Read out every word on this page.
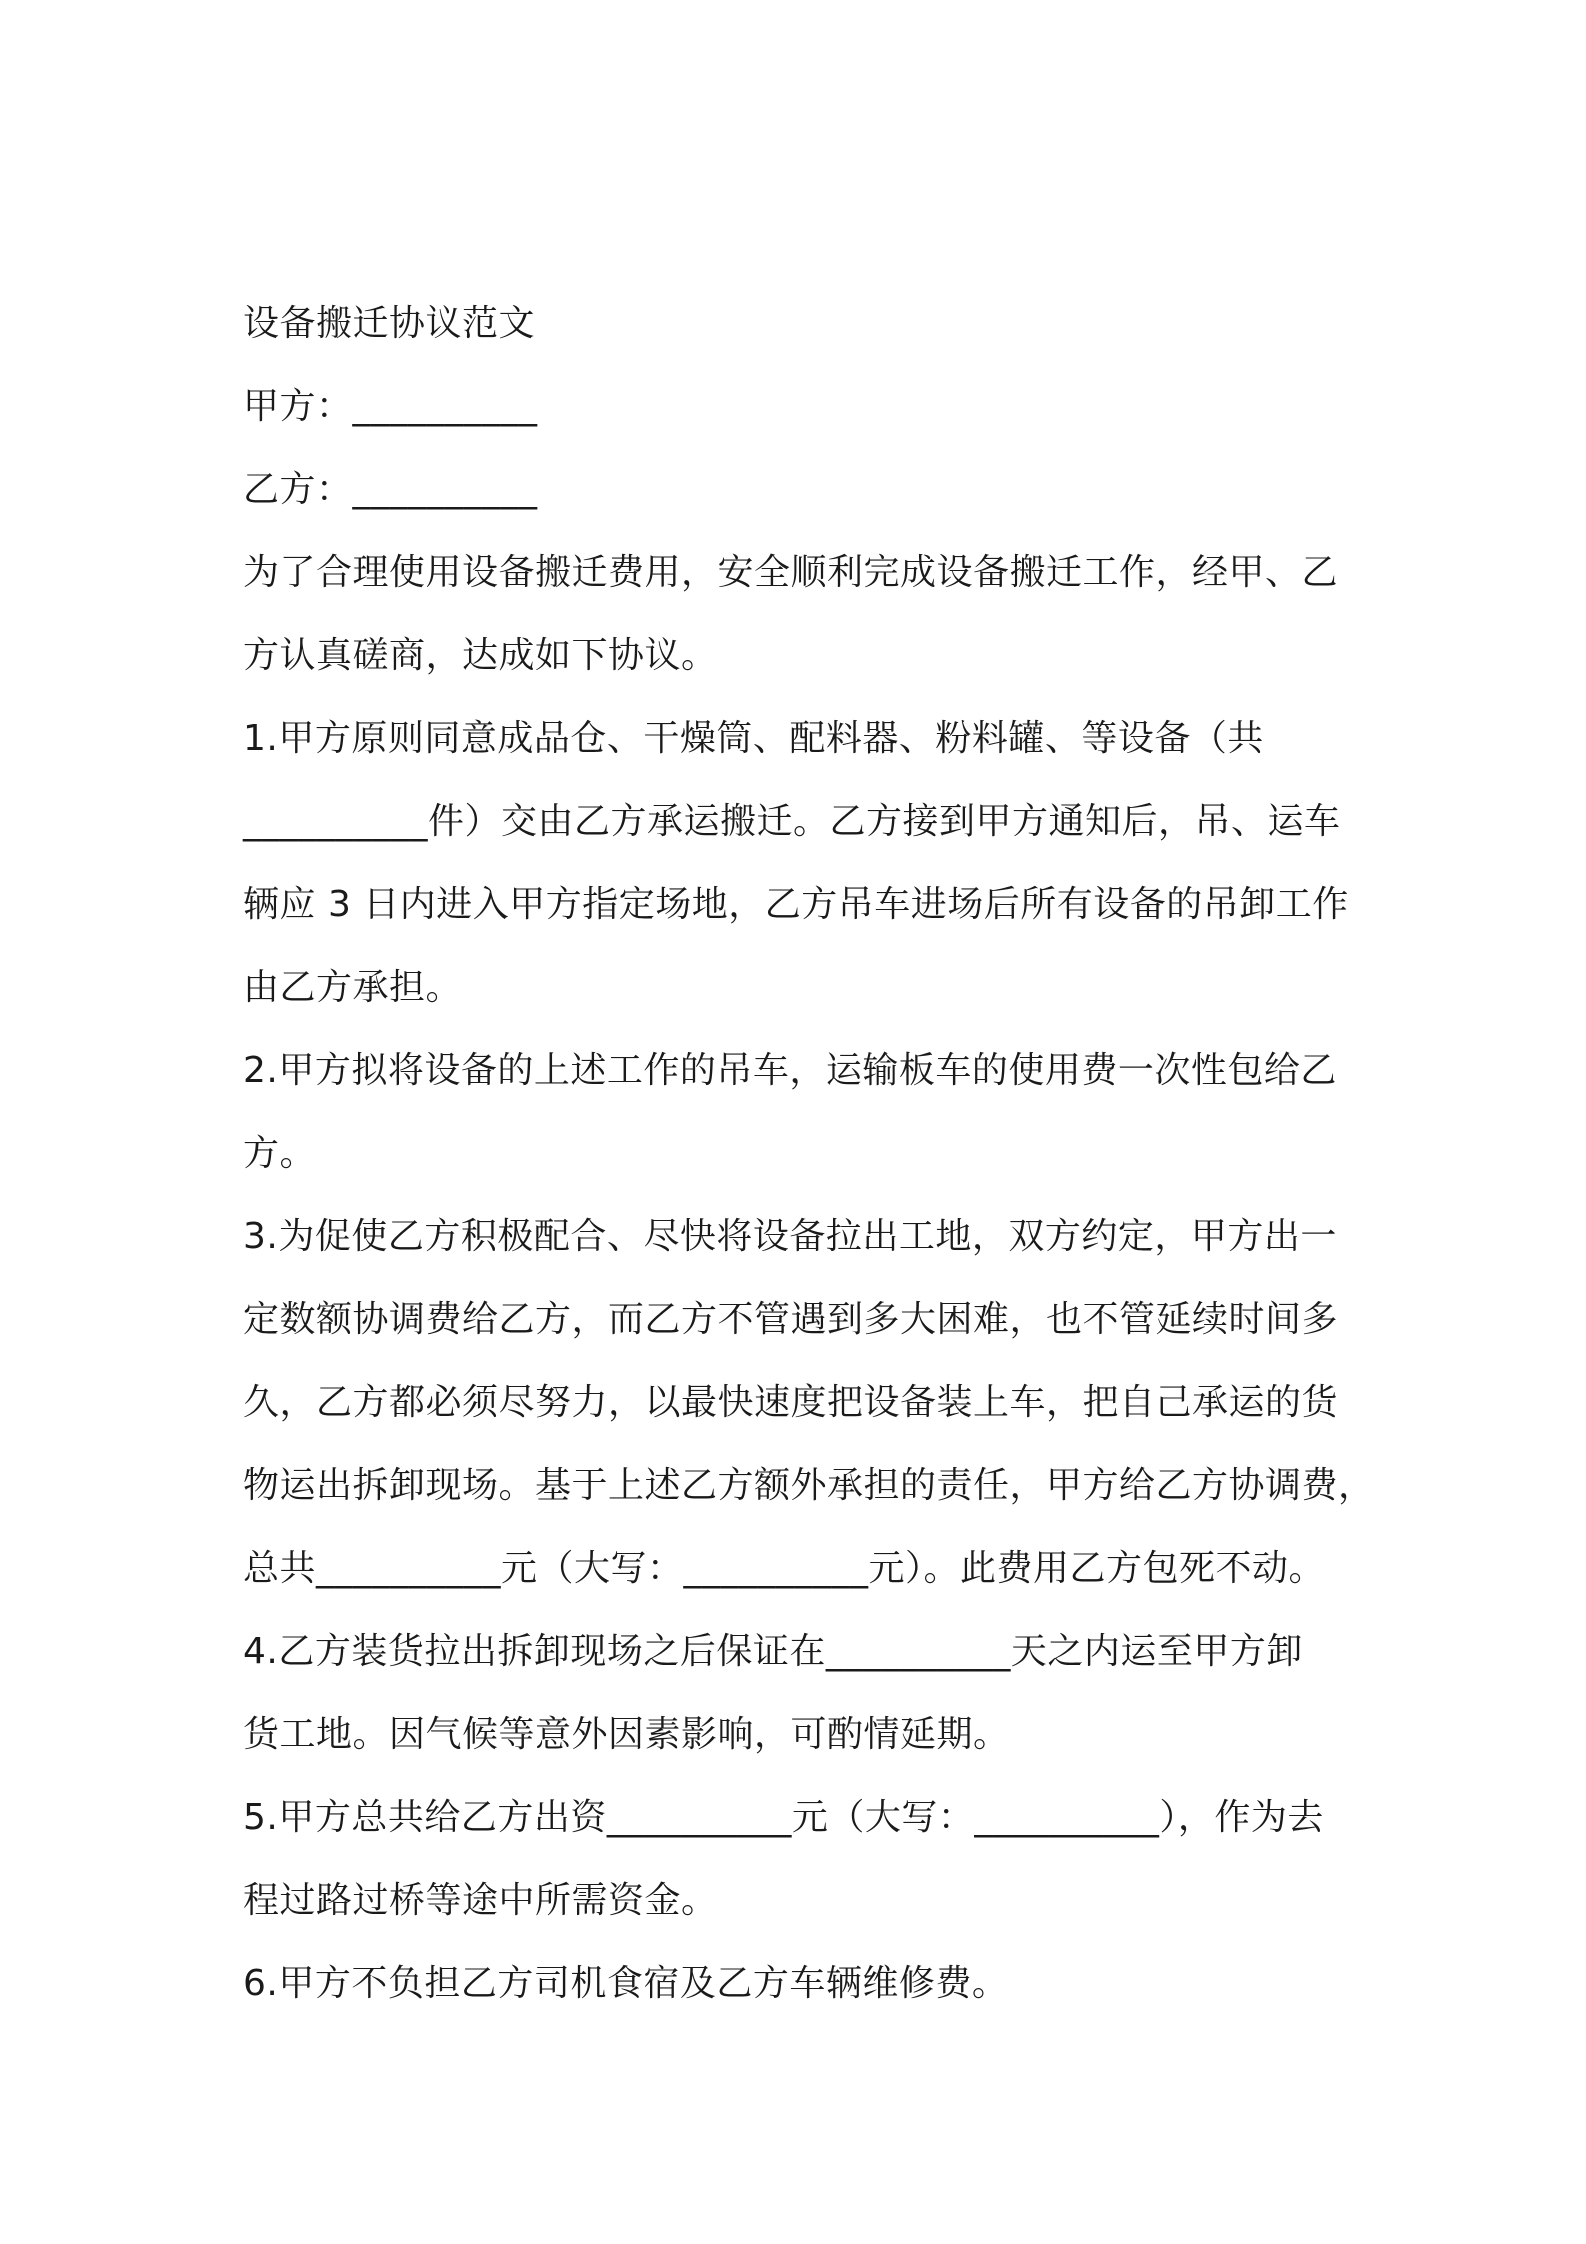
设备搬迁协议范文
甲方：__________
乙方：__________
为了合理使用设备搬迁费用，安全顺利完成设备搬迁工作，经甲、乙
方认真磋商，达成如下协议。
1.甲方原则同意成品仓、干燥筒、配料器、粉料罐、等设备（共
__________件）交由乙方承运搬迁。乙方接到甲方通知后，吊、运车
辆应 3 日内进入甲方指定场地，乙方吊车进场后所有设备的吊卸工作
由乙方承担。
2.甲方拟将设备的上述工作的吊车，运输板车的使用费一次性包给乙
方。
3.为促使乙方积极配合、尽快将设备拉出工地，双方约定，甲方出一
定数额协调费给乙方，而乙方不管遇到多大困难，也不管延续时间多
久，乙方都必须尽努力，以最快速度把设备装上车，把自己承运的货
物运出拆卸现场。基于上述乙方额外承担的责任，甲方给乙方协调费，
总共__________元（大写：__________元）。此费用乙方包死不动。
4.乙方装货拉出拆卸现场之后保证在__________天之内运至甲方卸
货工地。因气候等意外因素影响，可酌情延期。
5.甲方总共给乙方出资__________元（大写：__________），作为去
程过路过桥等途中所需资金。
6.甲方不负担乙方司机食宿及乙方车辆维修费。
